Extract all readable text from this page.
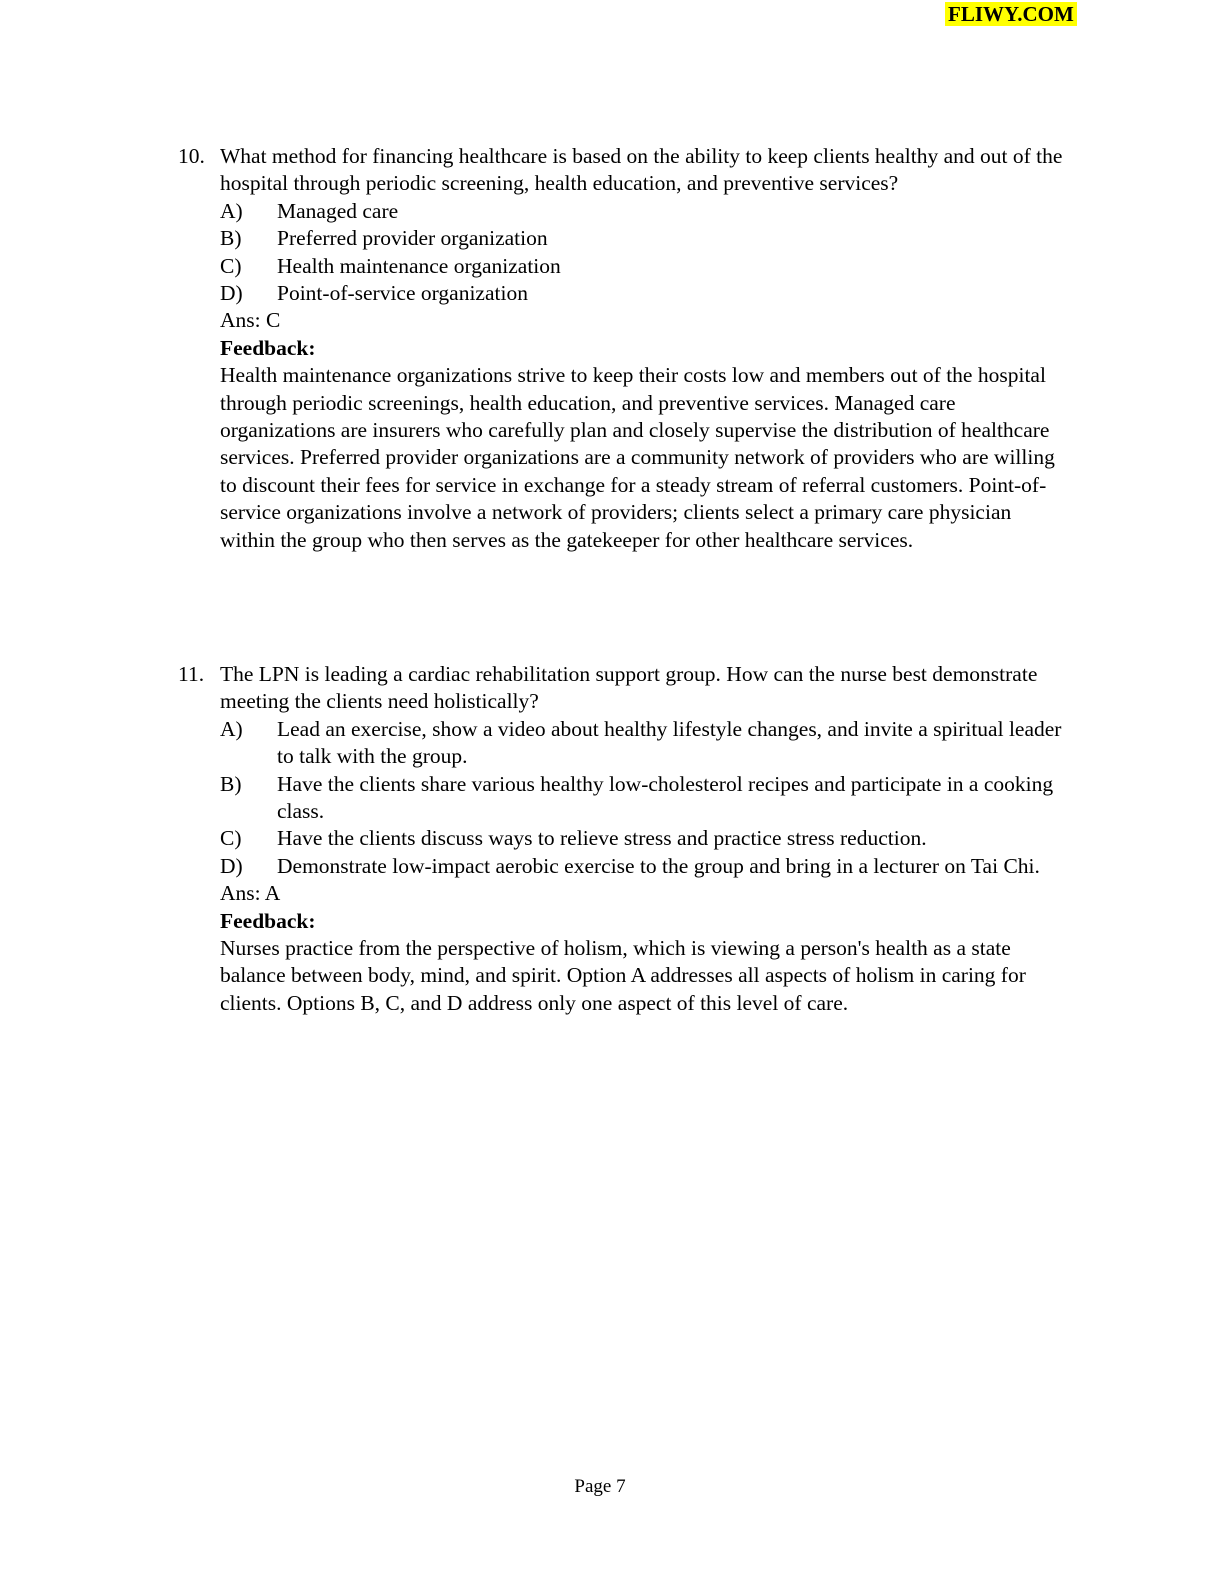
FLIWY.COM
10. What method for financing healthcare is based on the ability to keep clients healthy and out of the hospital through periodic screening, health education, and preventive services?
A)	Managed care
B)	Preferred provider organization
C)	Health maintenance organization
D)	Point-of-service organization
Ans: C
Feedback:
Health maintenance organizations strive to keep their costs low and members out of the hospital through periodic screenings, health education, and preventive services. Managed care organizations are insurers who carefully plan and closely supervise the distribution of healthcare services. Preferred provider organizations are a community network of providers who are willing to discount their fees for service in exchange for a steady stream of referral customers. Point-of-service organizations involve a network of providers; clients select a primary care physician within the group who then serves as the gatekeeper for other healthcare services.
11. The LPN is leading a cardiac rehabilitation support group. How can the nurse best demonstrate meeting the clients need holistically?
A)	Lead an exercise, show a video about healthy lifestyle changes, and invite a spiritual leader to talk with the group.
B)	Have the clients share various healthy low-cholesterol recipes and participate in a cooking class.
C)	Have the clients discuss ways to relieve stress and practice stress reduction.
D)	Demonstrate low-impact aerobic exercise to the group and bring in a lecturer on Tai Chi.
Ans: A
Feedback:
Nurses practice from the perspective of holism, which is viewing a person's health as a state balance between body, mind, and spirit. Option A addresses all aspects of holism in caring for clients. Options B, C, and D address only one aspect of this level of care.
Page 7
